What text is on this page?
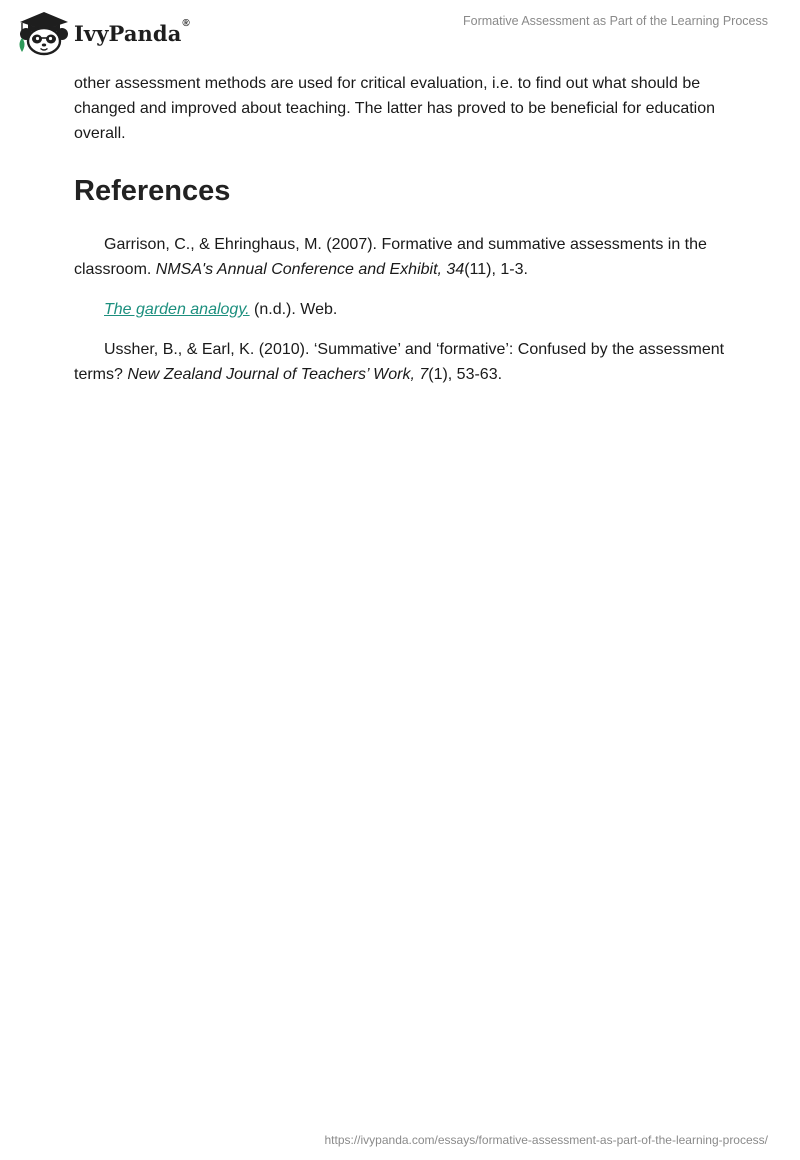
IvyPanda®	Formative Assessment as Part of the Learning Process

other assessment methods are used for critical evaluation, i.e. to find out what should be changed and improved about teaching. The latter has proved to be beneficial for education overall.

References

Garrison, C., & Ehringhaus, M. (2007). Formative and summative assessments in the classroom. NMSA's Annual Conference and Exhibit, 34(11), 1-3.

The garden analogy. (n.d.). Web.

Ussher, B., & Earl, K. (2010). ‘Summative’ and ‘formative’: Confused by the assessment terms? New Zealand Journal of Teachers’ Work, 7(1), 53-63.

https://ivypanda.com/essays/formative-assessment-as-part-of-the-learning-process/
